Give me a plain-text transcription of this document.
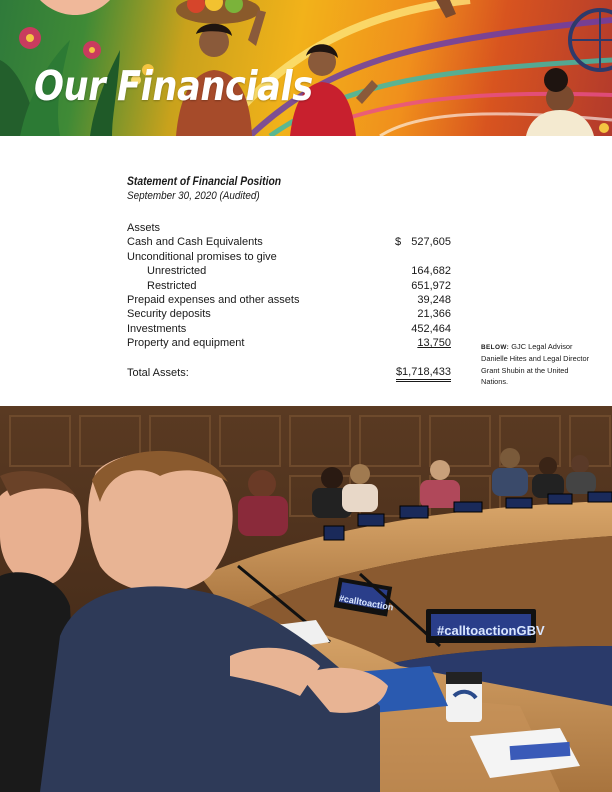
Our Financials

Statement of Financial Position

September 30, 2020 (Audited)

Assets
Cash and Cash Equivalents	$ 527,605
Unconditional promises to give
Unrestricted	164,682
Restricted	651,972
Prepaid expenses and other assets	39,248
Security deposits	21,366
Investments	452,464
Property and equipment	13,750
Total Assets:	$1,718,433
BELOW: GJC Legal Advisor Danielle Hites and Legal Director Grant Shubin at the United Nations.
#calltoactionGBV
#calltoaction
